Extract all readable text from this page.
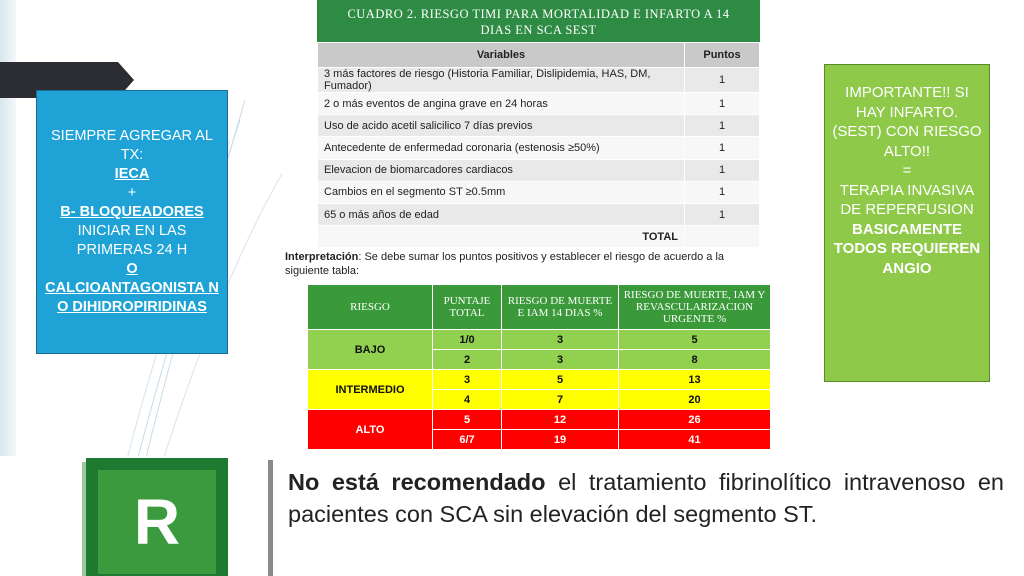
SIEMPRE AGREGAR AL TX:
IECA
+
B- BLOQUEADORES
INICIAR EN LAS PRIMERAS 24 H
O
CALCIOANTAGONISTA NO DIHIDROPIRIDINAS
IMPORTANTE!! SI HAY INFARTO. (SEST) CON RIESGO ALTO!!
=
TERAPIA INVASIVA DE REPERFUSION
BASICAMENTE TODOS REQUIEREN ANGIO
CUADRO 2. RIESGO TIMI PARA MORTALIDAD E INFARTO A 14
DIAS EN SCA SEST
Variables	Puntos
3 más factores de riesgo (Historia Familiar, Dislipidemia, HAS, DM, Fumador)	1
2 o más eventos de angina grave en 24 horas	1
Uso de acido acetil salicilico 7 días previos	1
Antecedente de enfermedad coronaria (estenosis ≥50%)	1
Elevacion de biomarcadores cardiacos	1
Cambios en el segmento ST ≥0.5mm	1
65 o más años de edad	1
TOTAL	
Interpretación: Se debe sumar los puntos positivos y establecer el riesgo de acuerdo a la siguiente tabla:
RIESGO	PUNTAJE TOTAL	RIESGO DE MUERTE E IAM 14 DIAS %	RIESGO DE MUERTE, IAM Y REVASCULARIZACION URGENTE %
BAJO	1/0	3	5
	2	3	8
INTERMEDIO	3	5	13
	4	7	20
ALTO	5	12	26
	6/7	19	41
R
No está recomendado el tratamiento fibrinolítico intravenoso en pacientes con SCA sin elevación del segmento ST.
